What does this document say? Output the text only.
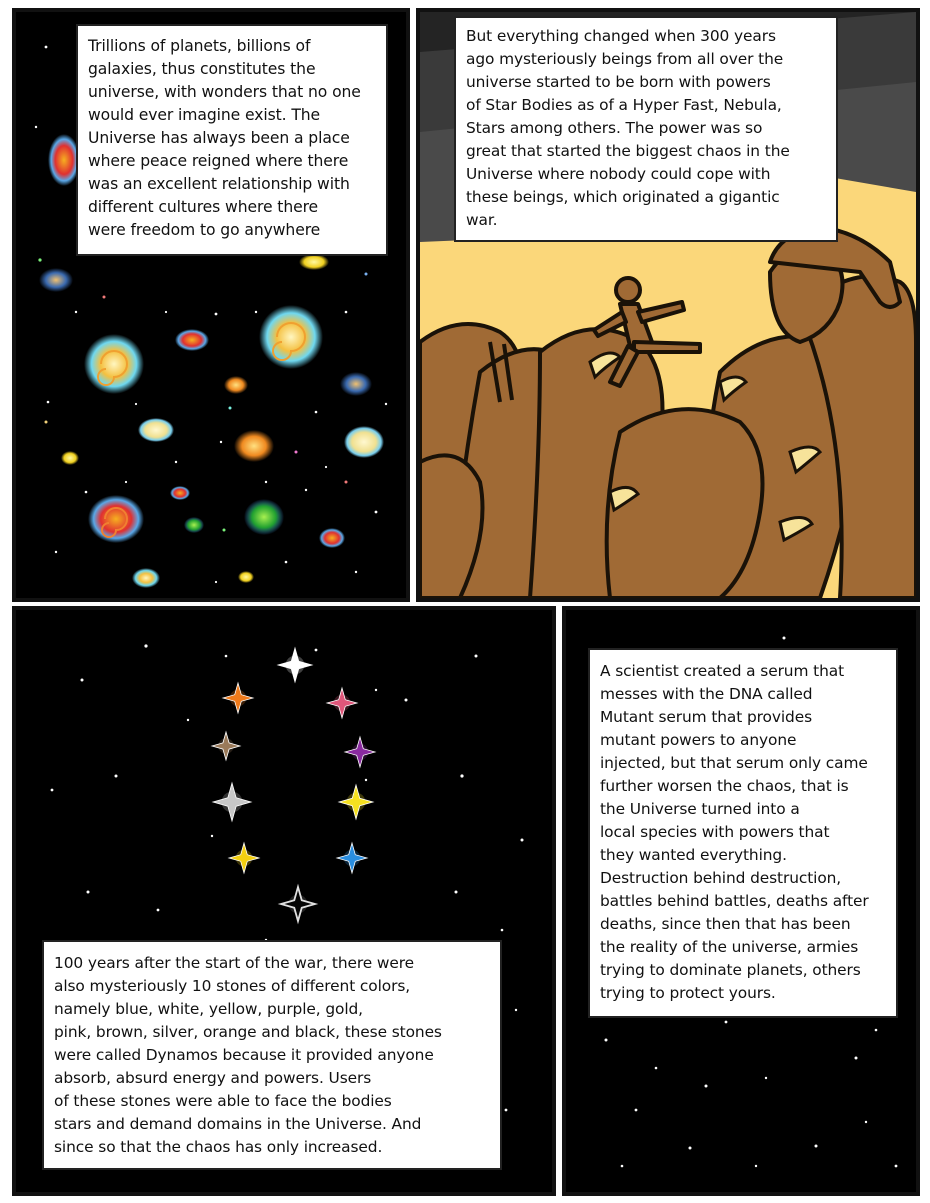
Trillions of planets, billions of
galaxies, thus constitutes the
universe, with wonders that no one
would ever imagine exist. The
Universe has always been a place
where peace reigned where there
was an excellent relationship with
different cultures where there
were freedom to go anywhere
But everything changed when 300 years
ago mysteriously beings from all over the
universe started to be born with powers
of Star Bodies as of a Hyper Fast, Nebula,
Stars among others. The power was so
great that started the biggest chaos in the
Universe where nobody could cope with
these beings, which originated a gigantic
war.
100 years after the start of the war, there were
also mysteriously 10 stones of different colors,
namely blue, white, yellow, purple, gold,
pink, brown, silver, orange and black, these stones
were called Dynamos because it provided anyone
absorb, absurd energy and powers. Users
of these stones were able to face the bodies
stars and demand domains in the Universe. And
since so that the chaos has only increased.
A scientist created a serum that
messes with the DNA called
Mutant serum that provides
mutant powers to anyone
injected, but that serum only came
further worsen the chaos, that is
the Universe turned into a
local species with powers that
they wanted everything.
Destruction behind destruction,
battles behind battles, deaths after
deaths, since then that has been
the reality of the universe, armies
trying to dominate planets, others
trying to protect yours.
